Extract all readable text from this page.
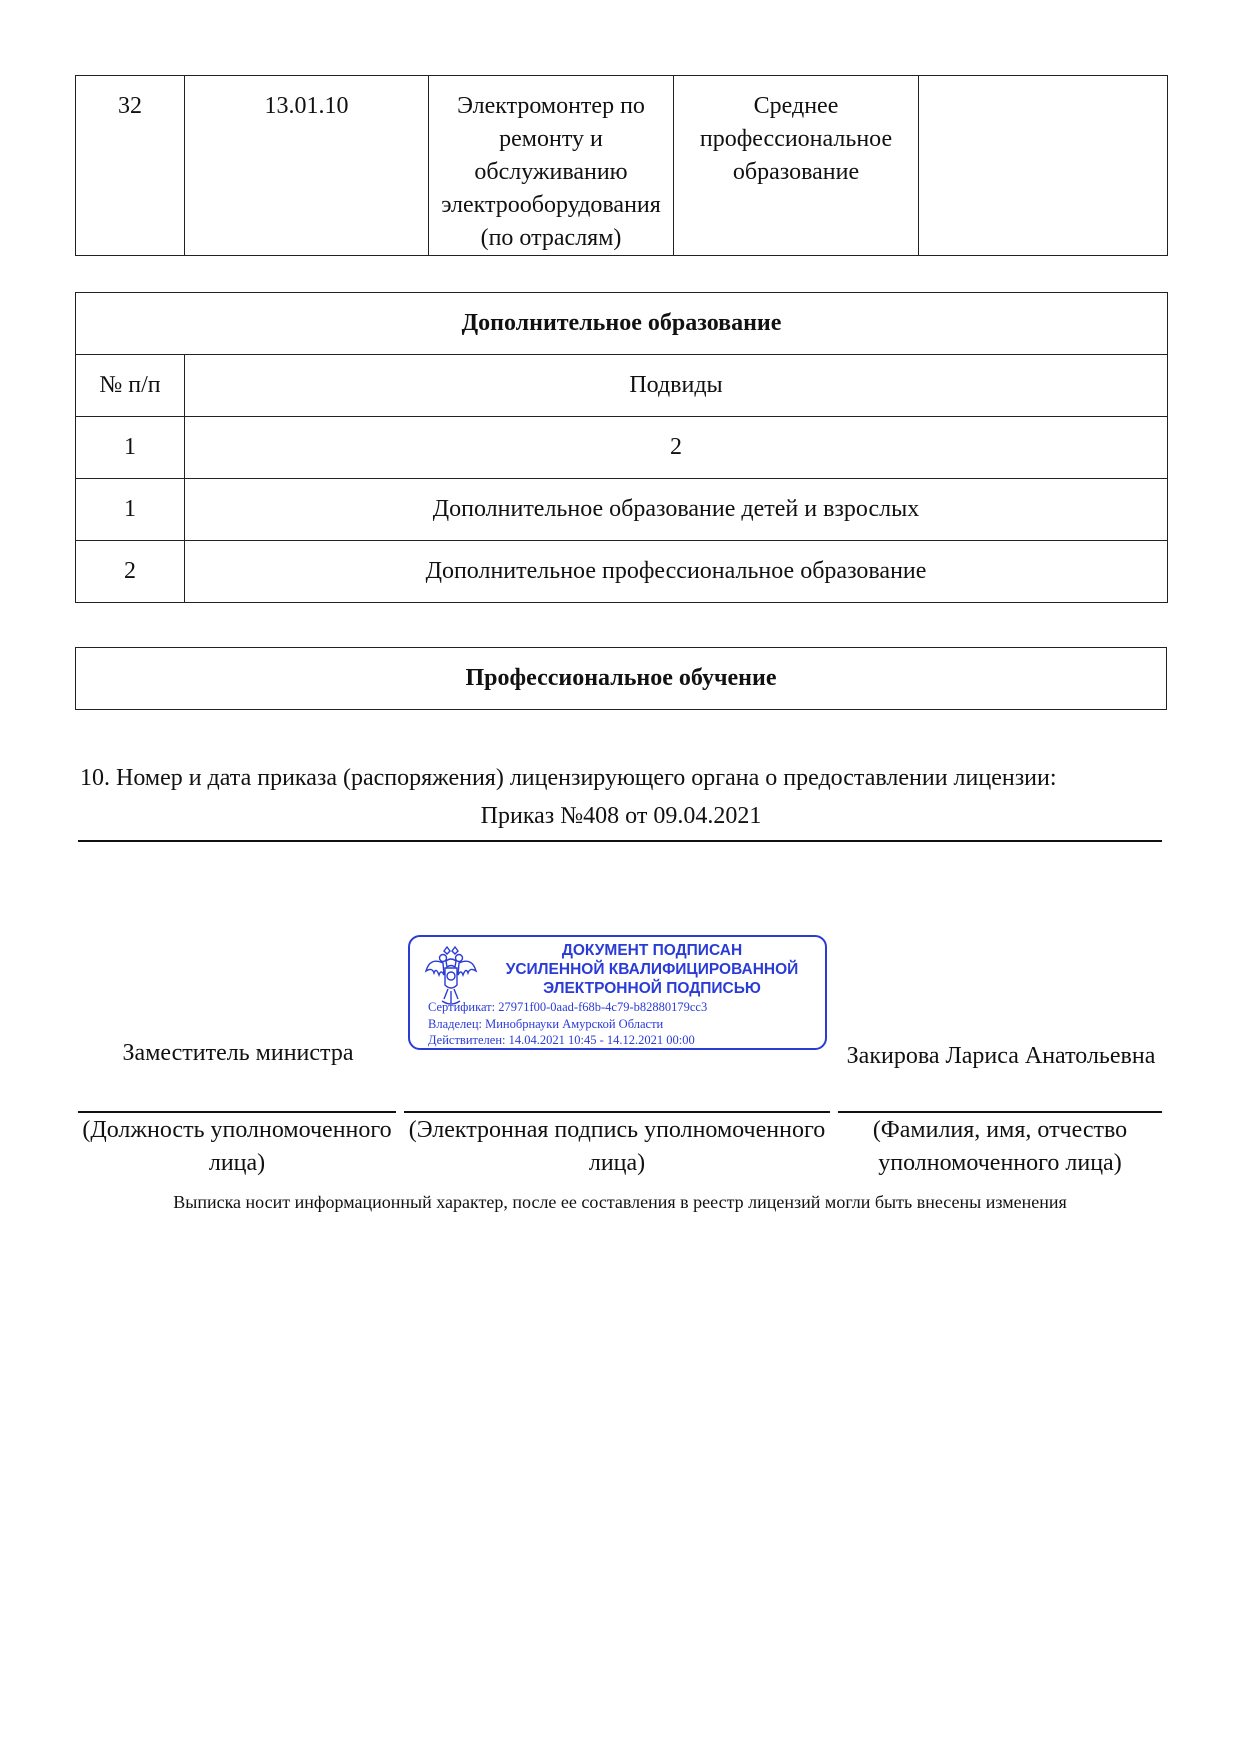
32	13.01.10	Электромонтер по ремонту и обслуживанию электрооборудования (по отраслям)	Среднее профессиональное образование	
Дополнительное образование	
№ п/п	Подвиды
1	2
1	Дополнительное образование детей и взрослых
2	Дополнительное профессиональное образование
Профессиональное обучение
10. Номер и дата приказа (распоряжения) лицензирующего органа о предоставлении лицензии:
Приказ №408 от 09.04.2021
ДОКУМЕНТ ПОДПИСАН
УСИЛЕННОЙ КВАЛИФИЦИРОВАННОЙ
ЭЛЕКТРОННОЙ ПОДПИСЬЮ
Сертификат: 27971f00-0aad-f68b-4c79-b82880179cc3
Владелец: Минобрнауки Амурской Области
Действителен: 14.04.2021 10:45 - 14.12.2021 00:00
Заместитель министра	Закирова Лариса Анатольевна
(Должность уполномоченного лица)
(Электронная подпись уполномоченного лица)
(Фамилия, имя, отчество уполномоченного лица)
Выписка носит информационный характер, после ее составления в реестр лицензий могли быть внесены изменения
